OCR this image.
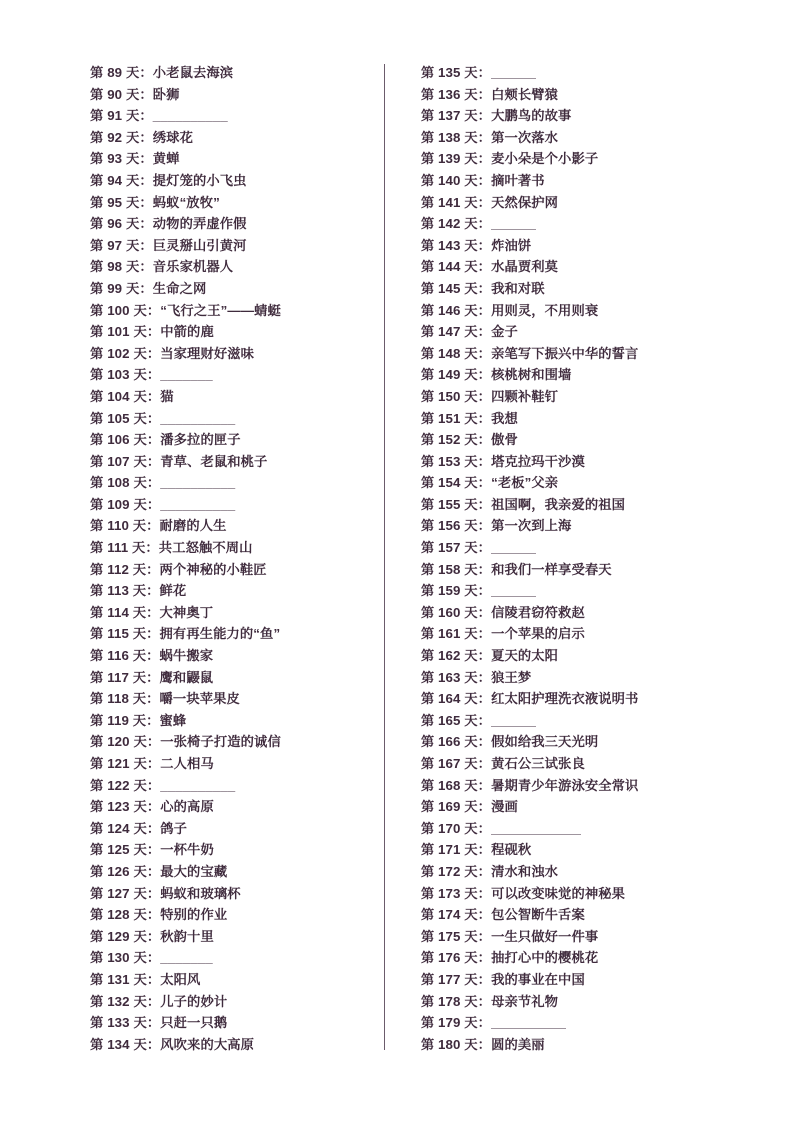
第 89 天：小老鼠去海滨
第 90 天：卧狮
第 91 天：__________
第 92 天：绣球花
第 93 天：黄蝉
第 94 天：提灯笼的小飞虫
第 95 天：蚂蚁“放牧”
第 96 天：动物的弄虚作假
第 97 天：巨灵掰山引黄河
第 98 天：音乐家机器人
第 99 天：生命之网
第 100 天：“飞行之王”——蜻蜓
第 101 天：中箭的鹿
第 102 天：当家理财好滋味
第 103 天：_______
第 104 天：猫
第 105 天：__________
第 106 天：潘多拉的匣子
第 107 天：青草、老鼠和桃子
第 108 天：__________
第 109 天：__________
第 110 天：耐磨的人生
第 111 天：共工怒触不周山
第 112 天：两个神秘的小鞋匠
第 113 天：鲜花
第 114 天：大神奥丁
第 115 天：拥有再生能力的“鱼”
第 116 天：蜗牛搬家
第 117 天：鹰和鼹鼠
第 118 天：嚼一块苹果皮
第 119 天：蜜蜂
第 120 天：一张椅子打造的诚信
第 121 天：二人相马
第 122 天：__________
第 123 天：心的高原
第 124 天：鸽子
第 125 天：一杯牛奶
第 126 天：最大的宝藏
第 127 天：蚂蚁和玻璃杯
第 128 天：特别的作业
第 129 天：秋韵十里
第 130 天：_______
第 131 天：太阳风
第 132 天：儿子的妙计
第 133 天：只赶一只鹅
第 134 天：风吹来的大高原
第 135 天：______
第 136 天：白颊长臂猿
第 137 天：大鹏鸟的故事
第 138 天：第一次落水
第 139 天：麦小朵是个小影子
第 140 天：摘叶著书
第 141 天：天然保护网
第 142 天：______
第 143 天：炸油饼
第 144 天：水晶贾利莫
第 145 天：我和对联
第 146 天：用则灵，不用则衰
第 147 天：金子
第 148 天：亲笔写下振兴中华的誓言
第 149 天：核桃树和围墙
第 150 天：四颗补鞋钉
第 151 天：我想
第 152 天：傲骨
第 153 天：塔克拉玛干沙漠
第 154 天：“老板”父亲
第 155 天：祖国啊，我亲爱的祖国
第 156 天：第一次到上海
第 157 天：______
第 158 天：和我们一样享受春天
第 159 天：______
第 160 天：信陵君窃符救赵
第 161 天：一个苹果的启示
第 162 天：夏天的太阳
第 163 天：狼王梦
第 164 天：红太阳护理洗衣液说明书
第 165 天：______
第 166 天：假如给我三天光明
第 167 天：黄石公三试张良
第 168 天：暑期青少年游泳安全常识
第 169 天：漫画
第 170 天：____________
第 171 天：程砚秋
第 172 天：清水和浊水
第 173 天：可以改变味觉的神秘果
第 174 天：包公智断牛舌案
第 175 天：一生只做好一件事
第 176 天：抽打心中的樱桃花
第 177 天：我的事业在中国
第 178 天：母亲节礼物
第 179 天：__________
第 180 天：圆的美丽
